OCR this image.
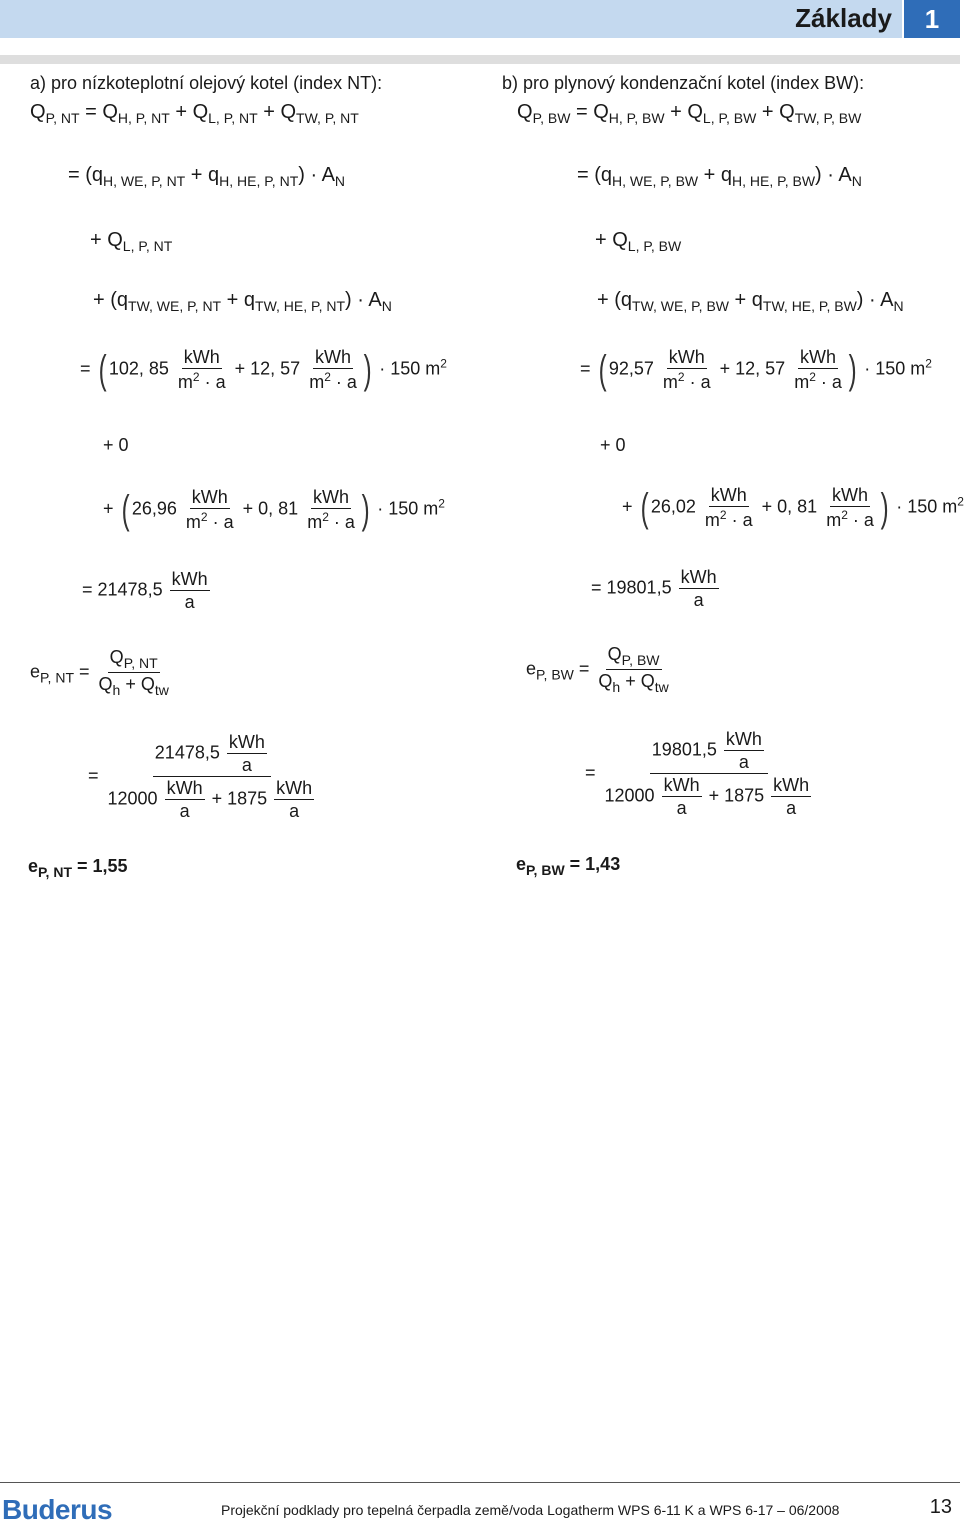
Základy	1
a) pro nízkoteplotní olejový kotel (index NT):
$Q_{P, NT} = Q_{H, P, NT} + Q_{L, P, NT} + Q_{TW, P, NT}$
= $(q_{H, WE, P, NT} + q_{H, HE, P, NT}) \cdot A_N$
+ $Q_{L, P, NT}$
+ $(q_{TW, WE, P, NT} + q_{TW, HE, P, NT}) \cdot A_N$
= ( 102, $85 \frac{\text{kWh}}{m^2 \cdot a} + 12$, $57 \frac{\text{kWh}}{m^2 \cdot a}$ ) · 150 $m^2$
+ 0
+ ( $26,96 \frac{\text{kWh}}{m^2 \cdot a} + 0$, $81 \frac{\text{kWh}}{m^2 \cdot a}$ ) · 150 $m^2$
= $21478,5 \frac{\text{kWh}}{a}$
$e_{P, NT} = \frac{Q_{P, NT}}{Q_h + Q_{tw}}$
= $\frac{21478,5 \frac{\text{kWh}}{a}}{12000 \frac{\text{kWh}}{a} + 1875 \frac{\text{kWh}}{a}}$
$e_{P, NT} = 1,55$
b) pro plynový kondenzační kotel (index BW):
$Q_{P, BW} = Q_{H, P, BW} + Q_{L, P, BW} + Q_{TW, P, BW}$
= $(q_{H, WE, P, BW} + q_{H, HE, P, BW}) \cdot A_N$
+ $Q_{L, P, BW}$
+ $(q_{TW, WE, P, BW} + q_{TW, HE, P, BW}) \cdot A_N$
= ( $92,57 \frac{\text{kWh}}{m^2 \cdot a} + 12$, $57 \frac{\text{kWh}}{m^2 \cdot a}$ ) · 150 $m^2$
+ 0
+ ( $26,02 \frac{\text{kWh}}{m^2 \cdot a} + 0$, $81 \frac{\text{kWh}}{m^2 \cdot a}$ ) · 150 $m^2$
= $19801,5 \frac{\text{kWh}}{a}$
$e_{P, BW} = \frac{Q_{P, BW}}{Q_h + Q_{tw}}$
= $\frac{19801,5 \frac{\text{kWh}}{a}}{12000 \frac{\text{kWh}}{a} + 1875 \frac{\text{kWh}}{a}}$
$e_{P, BW} = 1,43$
Buderus	Projekční podklady pro tepelná čerpadla země/voda Logatherm WPS 6-11 K a WPS 6-17 – 06/2008	13
